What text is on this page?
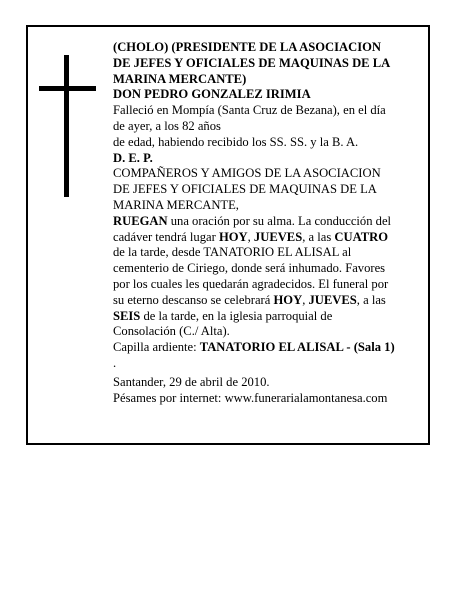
(CHOLO) (PRESIDENTE DE LA ASOCIACION

DE JEFES Y OFICIALES DE MAQUINAS DE LA

MARINA MERCANTE)

DON PEDRO GONZALEZ IRIMIA

Falleció en Mompía (Santa Cruz de Bezana), en el día

de ayer, a los 82 años

de edad, habiendo recibido los SS. SS. y la B. A.

D. E. P.

COMPAÑEROS Y AMIGOS DE LA ASOCIACION

DE JEFES Y OFICIALES DE MAQUINAS DE LA

MARINA MERCANTE,

RUEGAN una oración por su alma. La conducción del

cadáver tendrá lugar HOY, JUEVES, a las CUATRO

de la tarde, desde TANATORIO EL ALISAL al

cementerio de Ciriego, donde será inhumado. Favores

por los cuales les quedarán agradecidos. El funeral por

su eterno descanso se celebrará HOY, JUEVES, a las

SEIS de la tarde, en la iglesia parroquial de

Consolación (C./ Alta).

Capilla ardiente: TANATORIO EL ALISAL - (Sala 1)

.

Santander, 29 de abril de 2010.

Pésames por internet: www.funerarialamontanesa.com
